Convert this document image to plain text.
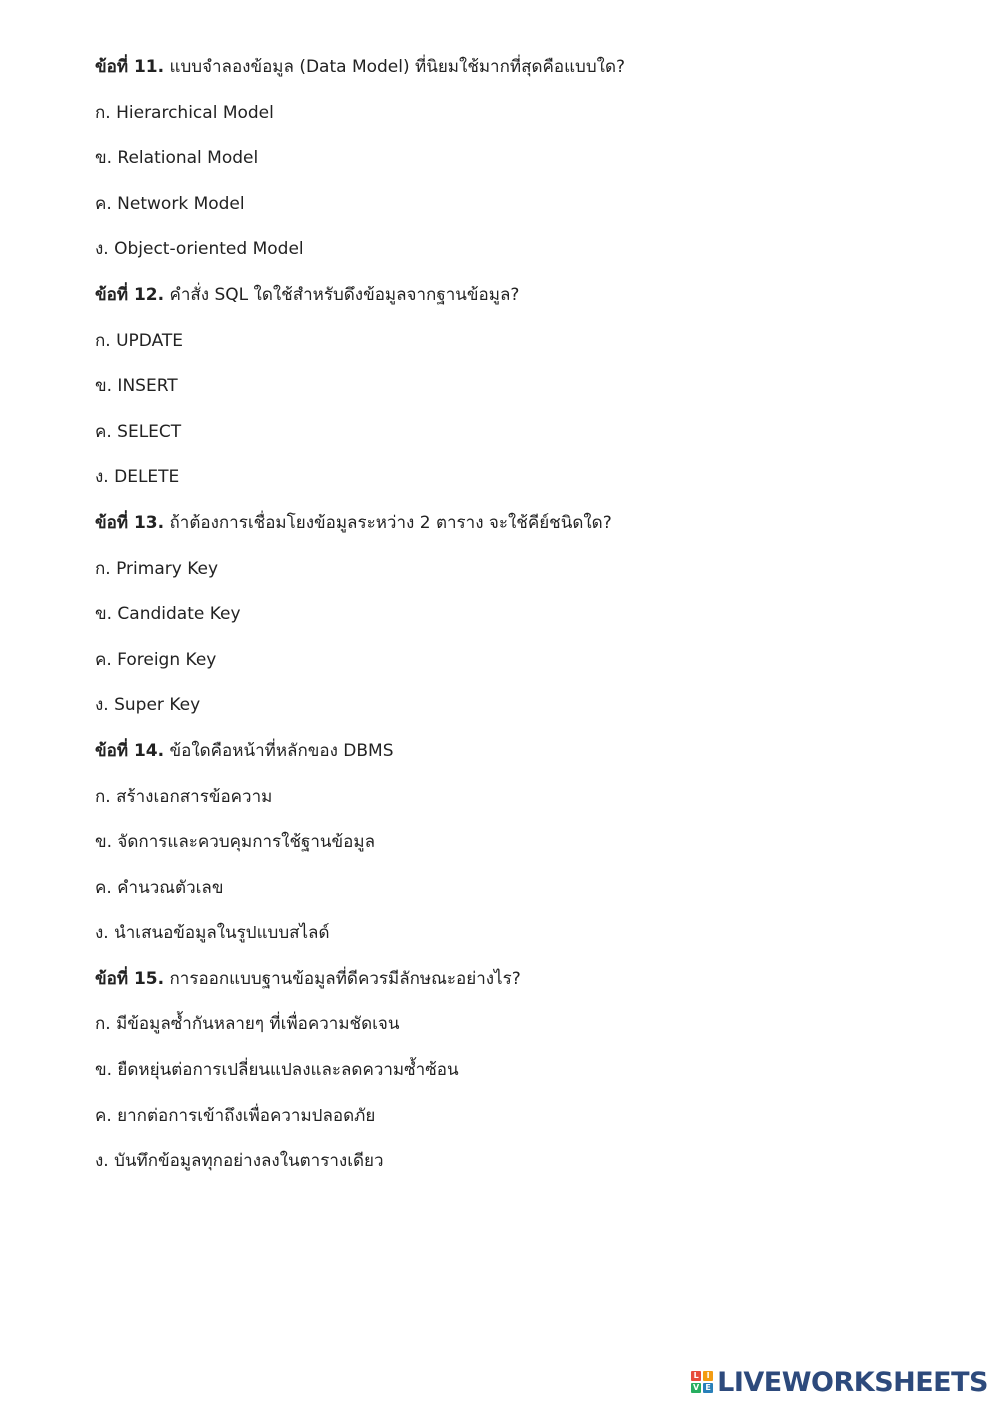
ข้อที่ 11. แบบจำลองข้อมูล (Data Model) ที่นิยมใช้มากที่สุดคือแบบใด?
ก. Hierarchical Model
ข. Relational Model
ค. Network Model
ง. Object-oriented Model
ข้อที่ 12. คำสั่ง SQL ใดใช้สำหรับดึงข้อมูลจากฐานข้อมูล?
ก. UPDATE
ข. INSERT
ค. SELECT
ง. DELETE
ข้อที่ 13. ถ้าต้องการเชื่อมโยงข้อมูลระหว่าง 2 ตาราง จะใช้คีย์ชนิดใด?
ก. Primary Key
ข. Candidate Key
ค. Foreign Key
ง. Super Key
ข้อที่ 14. ข้อใดคือหน้าที่หลักของ DBMS
ก. สร้างเอกสารข้อความ
ข. จัดการและควบคุมการใช้ฐานข้อมูล
ค. คำนวณตัวเลข
ง. นำเสนอข้อมูลในรูปแบบสไลด์
ข้อที่ 15. การออกแบบฐานข้อมูลที่ดีควรมีลักษณะอย่างไร?
ก. มีข้อมูลซ้ำกันหลายๆ ที่เพื่อความชัดเจน
ข. ยืดหยุ่นต่อการเปลี่ยนแปลงและลดความซ้ำซ้อน
ค. ยากต่อการเข้าถึงเพื่อความปลอดภัย
ง. บันทึกข้อมูลทุกอย่างลงในตารางเดียว
L I
V E LIVEWORKSHEETS
